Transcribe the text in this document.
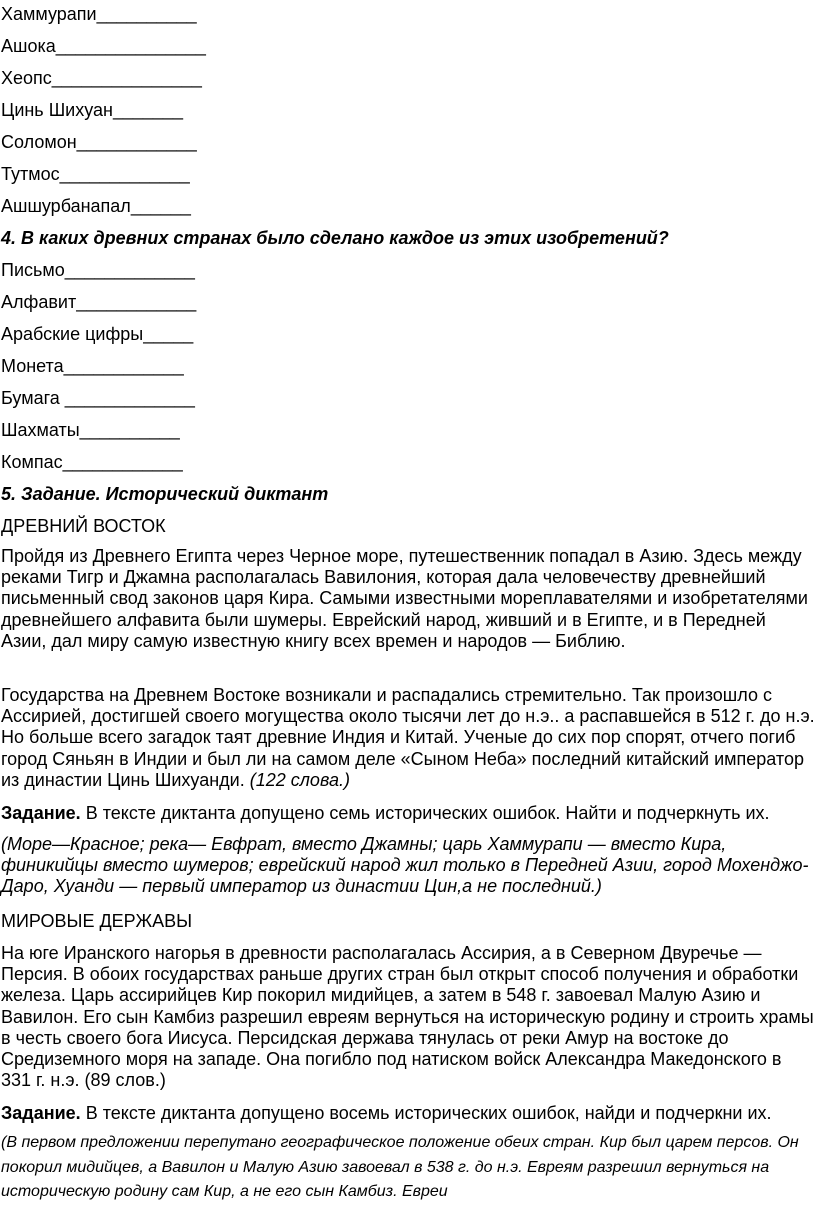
Хаммурапи__________
Ашока_______________
Хеопс_______________
Цинь Шихуан_______
Соломон____________
Тутмос_____________
Ашшурбанапал______
4. В каких древних странах было сделано каждое из этих изобретений?
Письмо_____________
Алфавит____________
Арабские цифры_____
Монета____________
Бумага _____________
Шахматы__________
Компас____________
5. Задание. Исторический диктант
ДРЕВНИЙ ВОСТОК
Пройдя из Древнего Египта через Черное море, путешественник попадал в Азию. Здесь между реками Тигр и Джамна располагалась Вавилония, которая дала человечеству древнейший письменный свод законов царя Кира. Самыми известными мореплавателями и изобретателями древнейшего алфавита были шумеры. Еврейский народ, живший и в Египте, и в Передней Азии, дал миру самую известную книгу всех времен и народов — Библию.
Государства на Древнем Востоке возникали и распадались стремительно. Так произошло с Ассирией, достигшей своего могущества около тысячи лет до н.э.. а распавшейся в 512 г. до н.э. Но больше всего загадок таят древние Индия и Китай. Ученые до сих пор спорят, отчего погиб город Сяньян в Индии и был ли на самом деле «Сыном Неба» последний китайский император из династии Цинь Шихуанди. (122 слова.)
Задание. В тексте диктанта допущено семь исторических ошибок. Найти и подчеркнуть их.
(Море—Красное; река— Евфрат, вместо Джамны; царь Хаммурапи — вместо Кира, финикийцы вместо шумеров; еврейский народ жил только в Передней Азии, город Мохенджо-Даро, Хуанди — первый император из династии Цин,а не последний.)
МИРОВЫЕ ДЕРЖАВЫ
На юге Иранского нагорья в древности располагалась Ассирия, а в Северном Двуречье — Персия. В обоих государствах раньше других стран был открыт способ получения и обработки железа. Царь ассирийцев Кир покорил мидийцев, а затем в 548 г. завоевал Малую Азию и Вавилон. Его сын Камбиз разрешил евреям вернуться на историческую родину и строить храмы в честь своего бога Иисуса. Персидская держава тянулась от реки Амур на востоке до Средиземного моря на западе. Она погибло под натиском войск Александра Македонского в 331 г. н.э. (89 слов.)
Задание. В тексте диктанта допущено восемь исторических ошибок, найди и подчеркни их.
(В первом предложении перепутано географическое положение обеих стран. Кир был царем персов. Он покорил мидийцев, а Вавилон и Малую Азию завоевал в 538 г. до н.э. Евреям разрешил вернуться на историческую родину сам Кир, а не его сын Камбиз. Евреи
